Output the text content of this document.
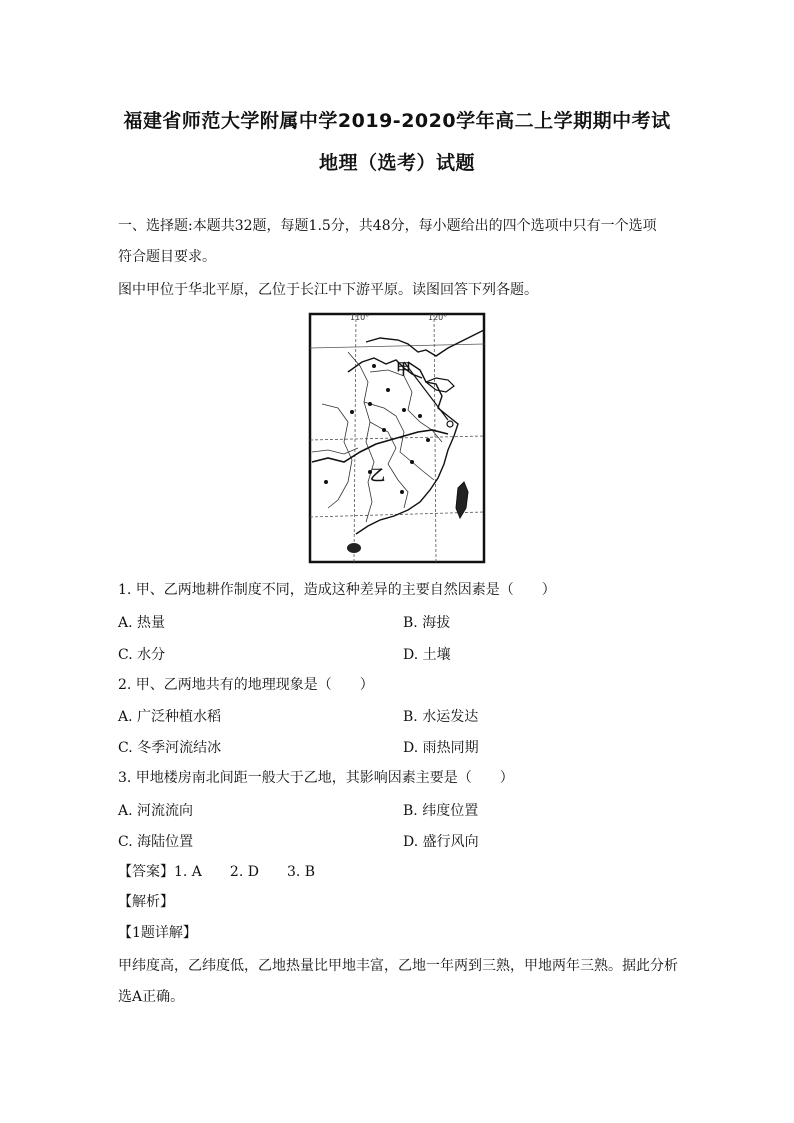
福建省师范大学附属中学2019-2020学年高二上学期期中考试
地理（选考）试题
一、选择题:本题共32题，每题1.5分，共48分，每小题给出的四个选项中只有一个选项
符合题目要求。
图中甲位于华北平原，乙位于长江中下游平原。读图回答下列各题。
110°	120°
甲
乙
1. 甲、乙两地耕作制度不同，造成这种差异的主要自然因素是（　　）
A. 热量	B. 海拔
C. 水分	D. 土壤
2. 甲、乙两地共有的地理现象是（　　）
A. 广泛种植水稻	B. 水运发达
C. 冬季河流结冰	D. 雨热同期
3. 甲地楼房南北间距一般大于乙地，其影响因素主要是（　　）
A. 河流流向	B. 纬度位置
C. 海陆位置	D. 盛行风向
【答案】1. A　　2. D　　3. B
【解析】
【1题详解】
甲纬度高，乙纬度低，乙地热量比甲地丰富，乙地一年两到三熟，甲地两年三熟。据此分析
选A正确。
